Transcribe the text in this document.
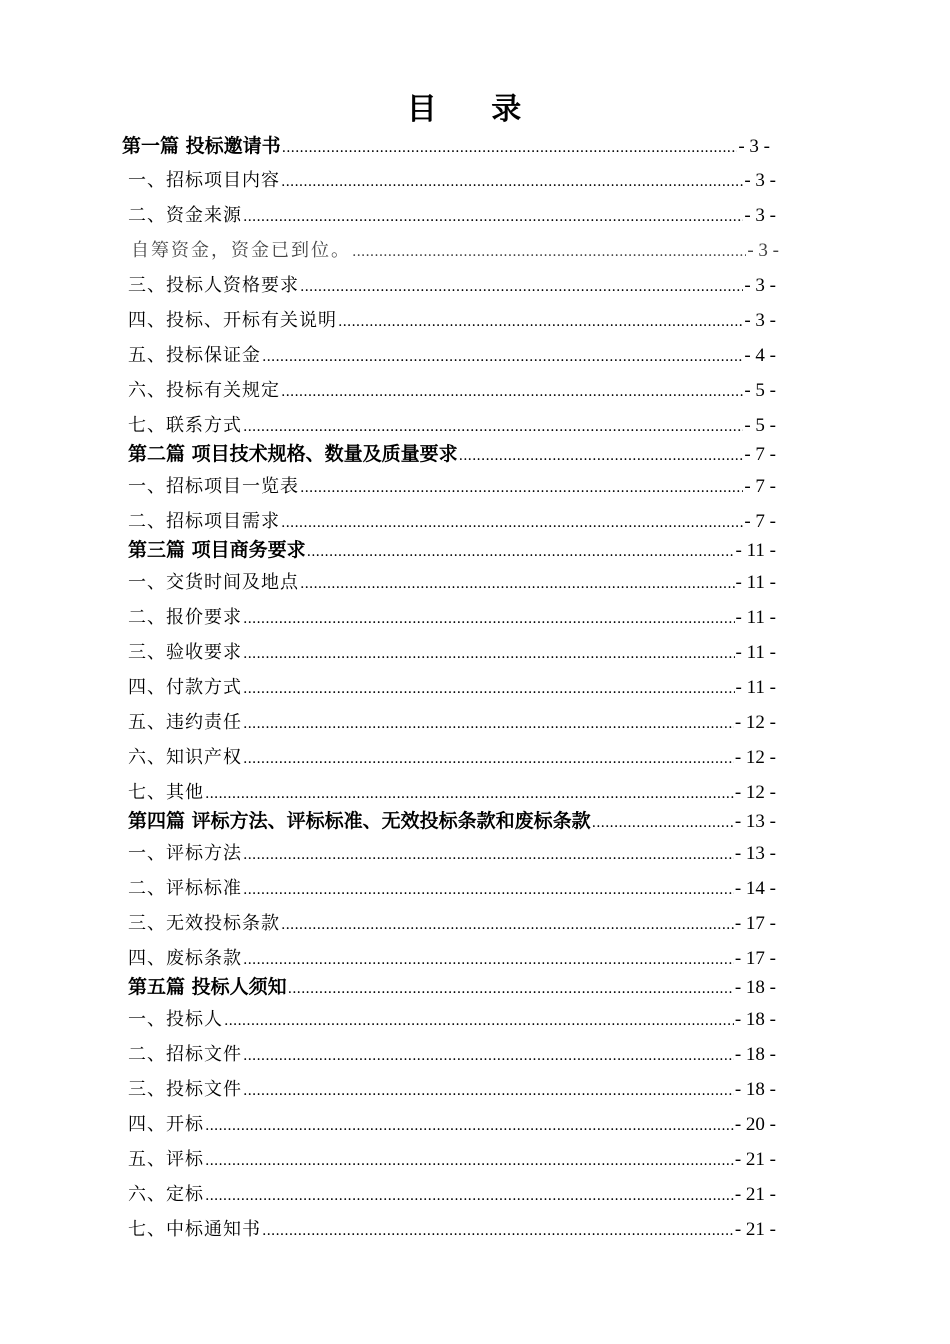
目 录
第一篇 投标邀请书 .....	- 3 -
一、招标项目内容 .....	- 3 -
二、资金来源 .....	- 3 -
自筹资金，资金已到位。 .....	- 3 -
三、投标人资格要求 .....	- 3 -
四、投标、开标有关说明 .....	- 3 -
五、投标保证金 .....	- 4 -
六、投标有关规定 .....	- 5 -
七、联系方式 .....	- 5 -
第二篇 项目技术规格、数量及质量要求 .....	- 7 -
一、招标项目一览表 .....	- 7 -
二、招标项目需求 .....	- 7 -
第三篇 项目商务要求 .....	- 11 -
一、交货时间及地点 .....	- 11 -
二、报价要求 .....	- 11 -
三、验收要求 .....	- 11 -
四、付款方式 .....	- 11 -
五、违约责任 .....	- 12 -
六、知识产权 .....	- 12 -
七、其他 .....	- 12 -
第四篇 评标方法、评标标准、无效投标条款和废标条款 .....	- 13 -
一、评标方法 .....	- 13 -
二、评标标准 .....	- 14 -
三、无效投标条款 .....	- 17 -
四、废标条款 .....	- 17 -
第五篇 投标人须知 .....	- 18 -
一、投标人 .....	- 18 -
二、招标文件 .....	- 18 -
三、投标文件 .....	- 18 -
四、开标 .....	- 20 -
五、评标 .....	- 21 -
六、定标 .....	- 21 -
七、中标通知书 .....	- 21 -
